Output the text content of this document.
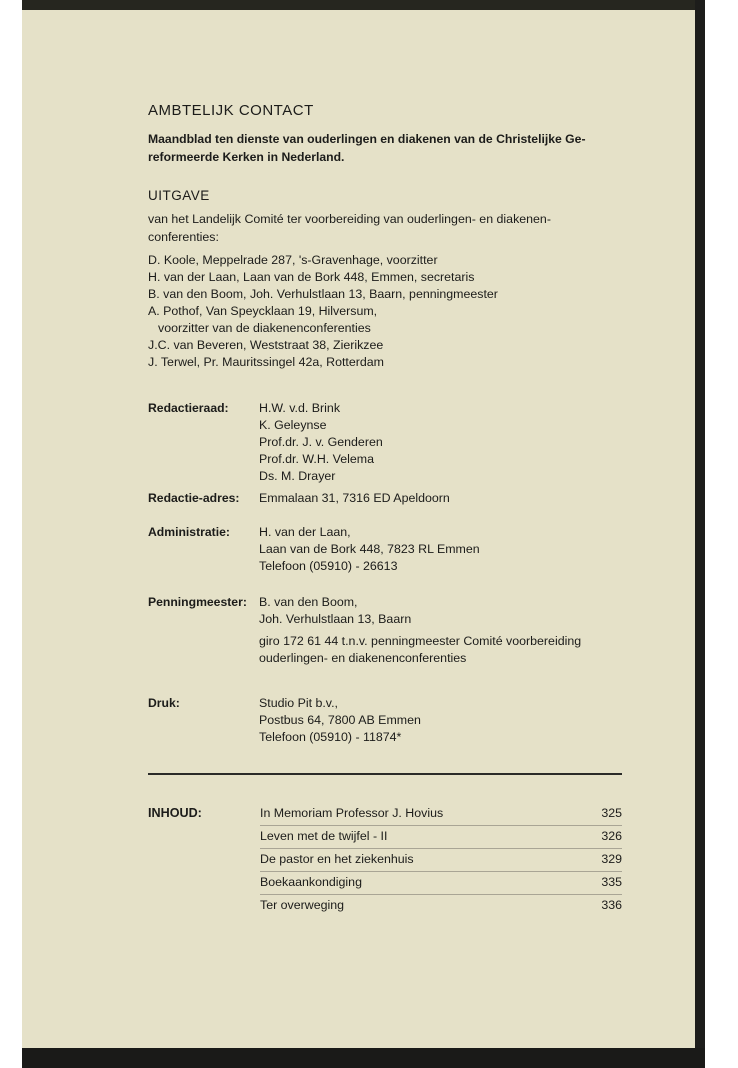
AMBTELIJK CONTACT
Maandblad ten dienste van ouderlingen en diakenen van de Christelijke Ge-
reformeerde Kerken in Nederland.
UITGAVE
van het Landelijk Comité ter voorbereiding van ouderlingen- en diakenen-
conferenties:
D. Koole, Meppelrade 287, 's-Gravenhage, voorzitter
H. van der Laan, Laan van de Bork 448, Emmen, secretaris
B. van den Boom, Joh. Verhulstlaan 13, Baarn, penningmeester
A. Pothof, Van Speycklaan 19, Hilversum,
voorzitter van de diakenenconferenties
J.C. van Beveren, Weststraat 38, Zierikzee
J. Terwel, Pr. Mauritssingel 42a, Rotterdam
Redactieraad: H.W. v.d. Brink
K. Geleynse
Prof.dr. J. v. Genderen
Prof.dr. W.H. Velema
Ds. M. Drayer
Redactie-adres: Emmalaan 31, 7316 ED Apeldoorn
Administratie: H. van der Laan,
Laan van de Bork 448, 7823 RL Emmen
Telefoon (05910) - 26613
Penningmeester: B. van den Boom,
Joh. Verhulstlaan 13, Baarn
giro 172 61 44 t.n.v. penningmeester Comité voorbereiding
ouderlingen- en diakenenconferenties
Druk:	Studio Pit b.v.,
Postbus 64, 7800 AB Emmen
Telefoon (05910) - 11874*
INHOUD:	In Memoriam Professor J. Hovius	325
Leven met de twijfel - II	326
De pastor en het ziekenhuis	329
Boekaankondiging	335
Ter overweging	336
